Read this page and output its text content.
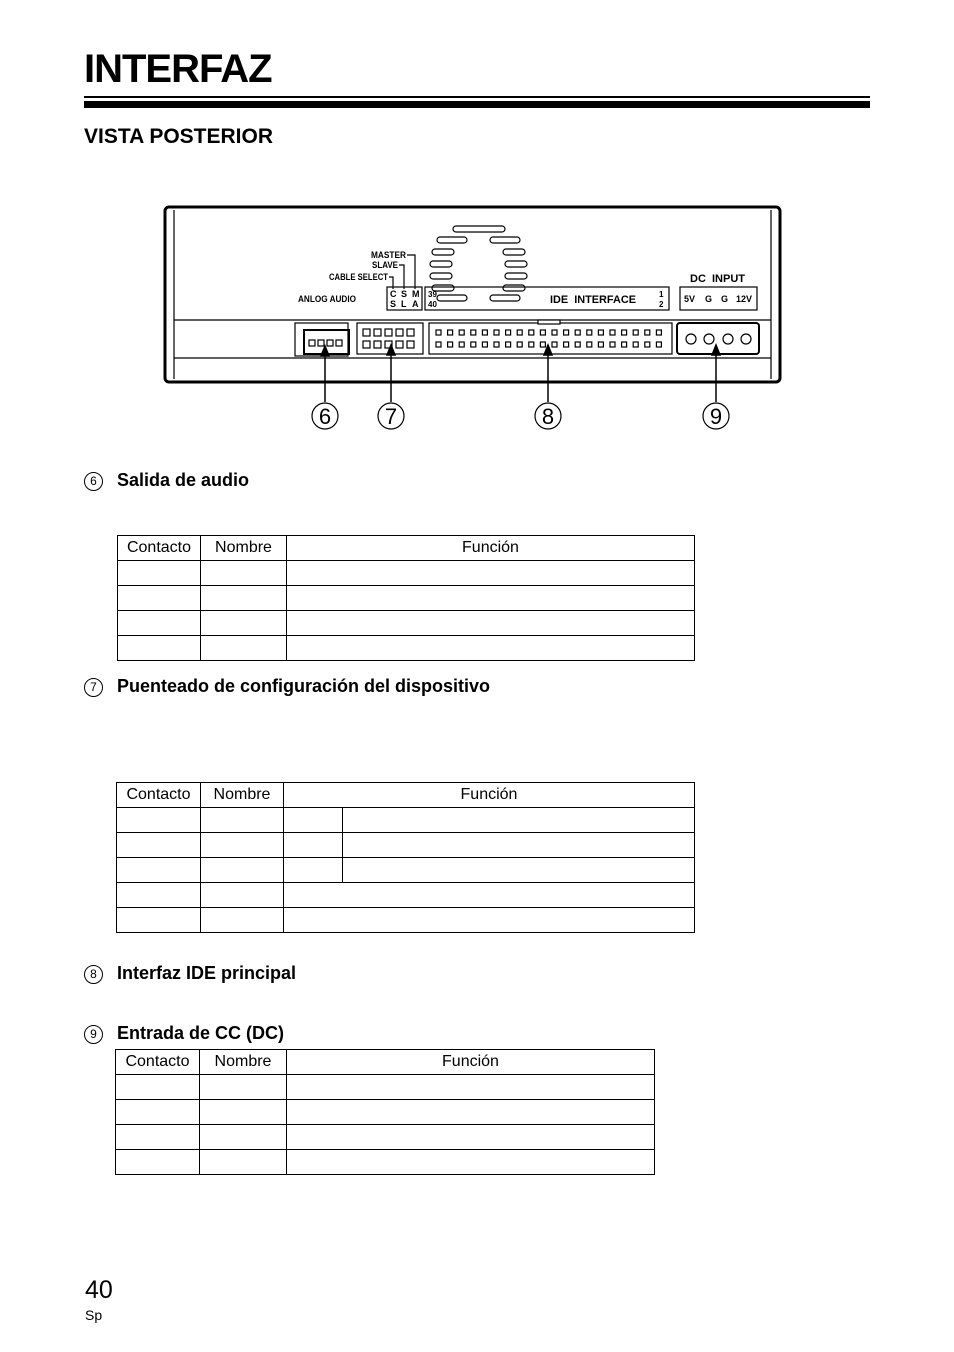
INTERFAZ
VISTA POSTERIOR
MASTER
SLAVE
CABLE SELECT
ANLOG AUDIO	C S M
S L A
39
40	IDE  INTERFACE	1
2
DC  INPUT
5V G G 12V
6 7	8	9
6 Salida de audio
Contacto	Nombre	Función

7 Puenteado de configuración del dispositivo
Contacto	Nombre	Función	

8 Interfaz IDE principal
9 Entrada de CC (DC)
Contacto	Nombre	Función

40
Sp
